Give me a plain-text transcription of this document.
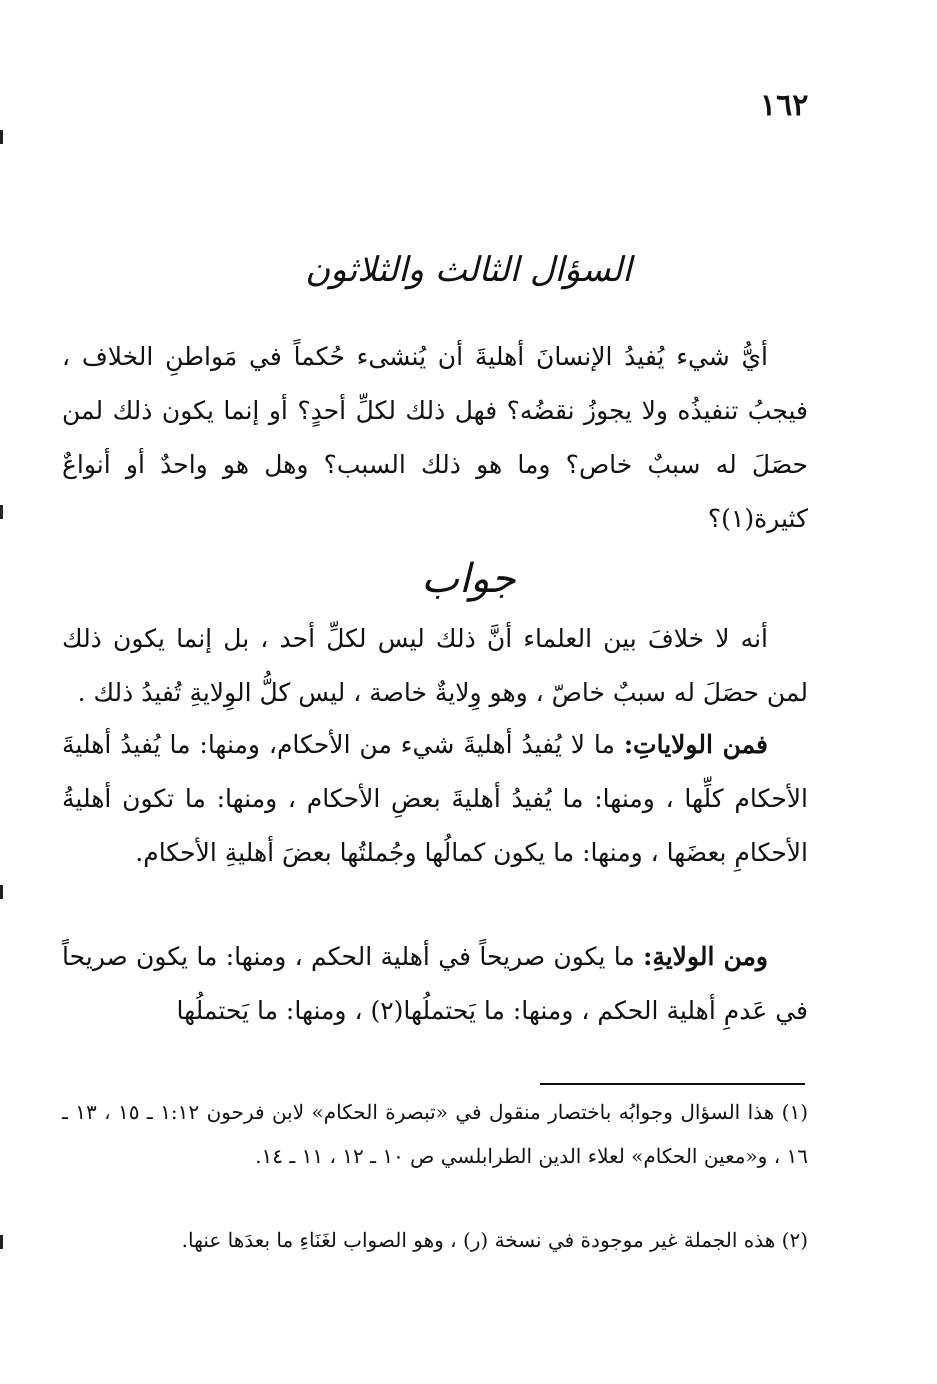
١٦٢
السؤال الثالث والثلاثون
أيُّ شيء يُفيدُ الإنسانَ أهليةَ أن يُنشىء حُكماً في مَواطنِ الخلاف ، فيجبُ تنفيذُه ولا يجوزُ نقضُه؟ فهل ذلك لكلِّ أحدٍ؟ أو إنما يكون ذلك لمن حصَلَ له سببٌ خاص؟ وما هو ذلك السبب؟ وهل هو واحدٌ أو أنواعٌ كثيرة(١)؟
جواب
أنه لا خلافَ بين العلماء أنَّ ذلك ليس لكلِّ أحد ، بل إنما يكون ذلك لمن حصَلَ له سببٌ خاصّ ، وهو وِلايةٌ خاصة ، ليس كلُّ الوِلايةِ تُفيدُ ذلك .
فمن الولاياتِ: ما لا يُفيدُ أهليةَ شيء من الأحكام، ومنها: ما يُفيدُ أهليةَ الأحكام كلِّها ، ومنها: ما يُفيدُ أهليةَ بعضِ الأحكام ، ومنها: ما تكون أهليةُ الأحكامِ بعضَها ، ومنها: ما يكون كمالُها وجُملتُها بعضَ أهليةِ الأحكام.
ومن الولايةِ: ما يكون صريحاً في أهلية الحكم ، ومنها: ما يكون صريحاً في عَدمِ أهلية الحكم ، ومنها: ما يَحتملُها(٢) ، ومنها: ما يَحتملُها
(١) هذا السؤال وجوابُه باختصار منقول في «تبصرة الحكام» لابن فرحون ١:١٢ ـ ١٥ ، ١٣ ـ ١٦ ، و«معين الحكام» لعلاء الدين الطرابلسي ص ١٠ ـ ١٢ ، ١١ ـ ١٤.
(٢) هذه الجملة غير موجودة في نسخة (ر) ، وهو الصواب لغَنَاءِ ما بعدَها عنها.
